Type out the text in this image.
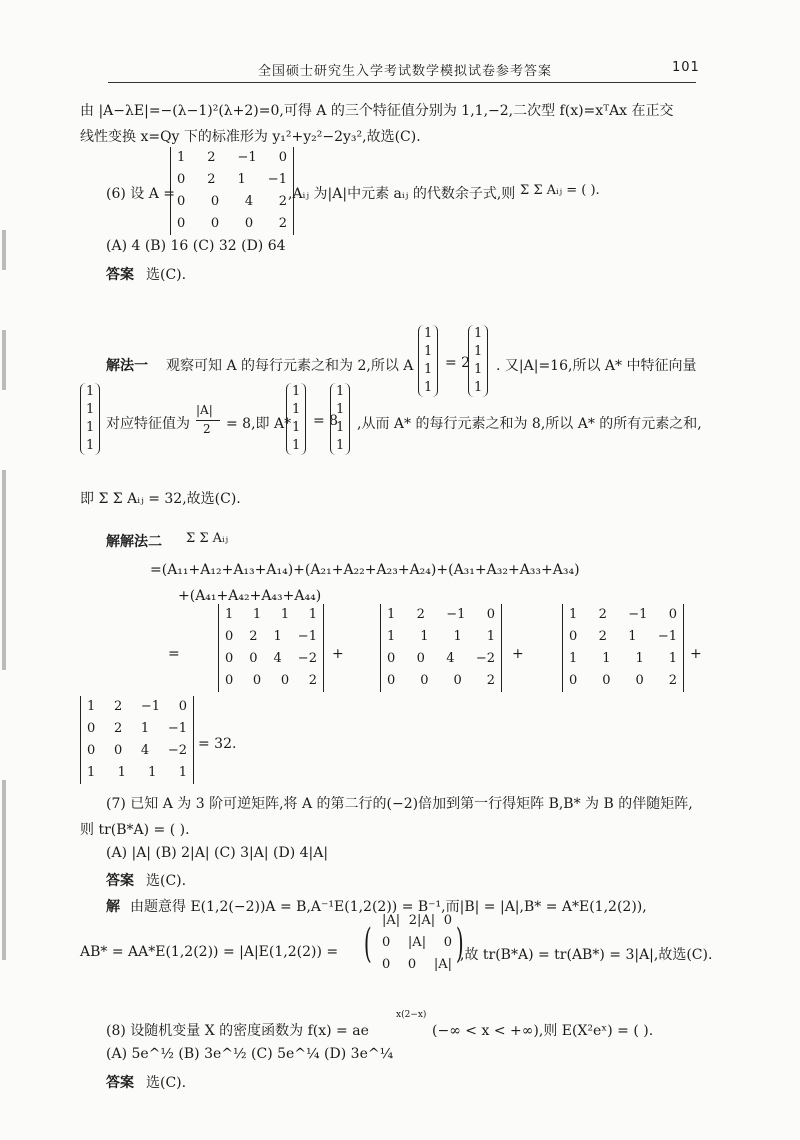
全国硕士研究生入学考试数学模拟试卷参考答案	101
由 |A−λE|=−(λ−1)²(λ+2)=0,可得 A 的三个特征值分别为 1,1,−2,二次型 f(x)=xᵀAx 在正交
线性变换 x=Qy 下的标准形为 y₁²+y₂²−2y₃²,故选(C).
(6) 设 A =
1 2 −1 0
0 2 1 −1
0 0 4 2
0 0 0 2
,Aᵢⱼ 为|A|中元素 aᵢⱼ 的代数余子式,则 Σ Σ Aᵢⱼ = ( ).
(A) 4 (B) 16 (C) 32 (D) 64
答案 选(C).
解法一 观察可知 A 的每行元素之和为 2,所以 A
1
1
1
1
= 2
1
1
1
1
. 又|A|=16,所以 A* 中特征向量
1
1
1
1
对应特征值为
|A|
2 = 8,即 A*
1
1
1
1
= 8
1
1
1
1
,从而 A* 的每行元素之和为 8,所以 A* 的所有元素之和,
即 Σ Σ Aᵢⱼ = 32,故选(C).
解解法二 Σ Σ Aᵢⱼ
=(A₁₁+A₁₂+A₁₃+A₁₄)+(A₂₁+A₂₂+A₂₃+A₂₄)+(A₃₁+A₃₂+A₃₃+A₃₄)
+(A₄₁+A₄₂+A₄₃+A₄₄)
=
1 1 1 1
0 2 1 −1
0 0 4 −2
0 0 0 2
+
1 2 −1 0
1 1 1 1
0 0 4 −2
0 0 0 2
+
1 2 −1 0
0 2 1 −1
1 1 1 1
0 0 0 2
+
1 2 −1 0
0 2 1 −1
0 0 4 −2
1 1 1 1
= 32.
(7) 已知 A 为 3 阶可逆矩阵,将 A 的第二行的(−2)倍加到第一行得矩阵 B,B* 为 B 的伴随矩阵,
则 tr(B*A) = ( ).
(A) |A| (B) 2|A| (C) 3|A| (D) 4|A|
答案 选(C).
解 由题意得 E(1,2(−2))A = B,A⁻¹E(1,2(2)) = B⁻¹,而|B| = |A|,B* = A*E(1,2(2)),
AB* = AA*E(1,2(2)) = |A|E(1,2(2)) = (
|A| 2|A| 0
0 |A| 0
0 0 |A| )
,故 tr(B*A) = tr(AB*) = 3|A|,故选(C).
(8) 设随机变量 X 的密度函数为 f(x) = ae
x(2−x)
(−∞ < x < +∞),则 E(X²eˣ) = ( ).
(A) 5e^½ (B) 3e^½ (C) 5e^¼ (D) 3e^¼
答案 选(C).
